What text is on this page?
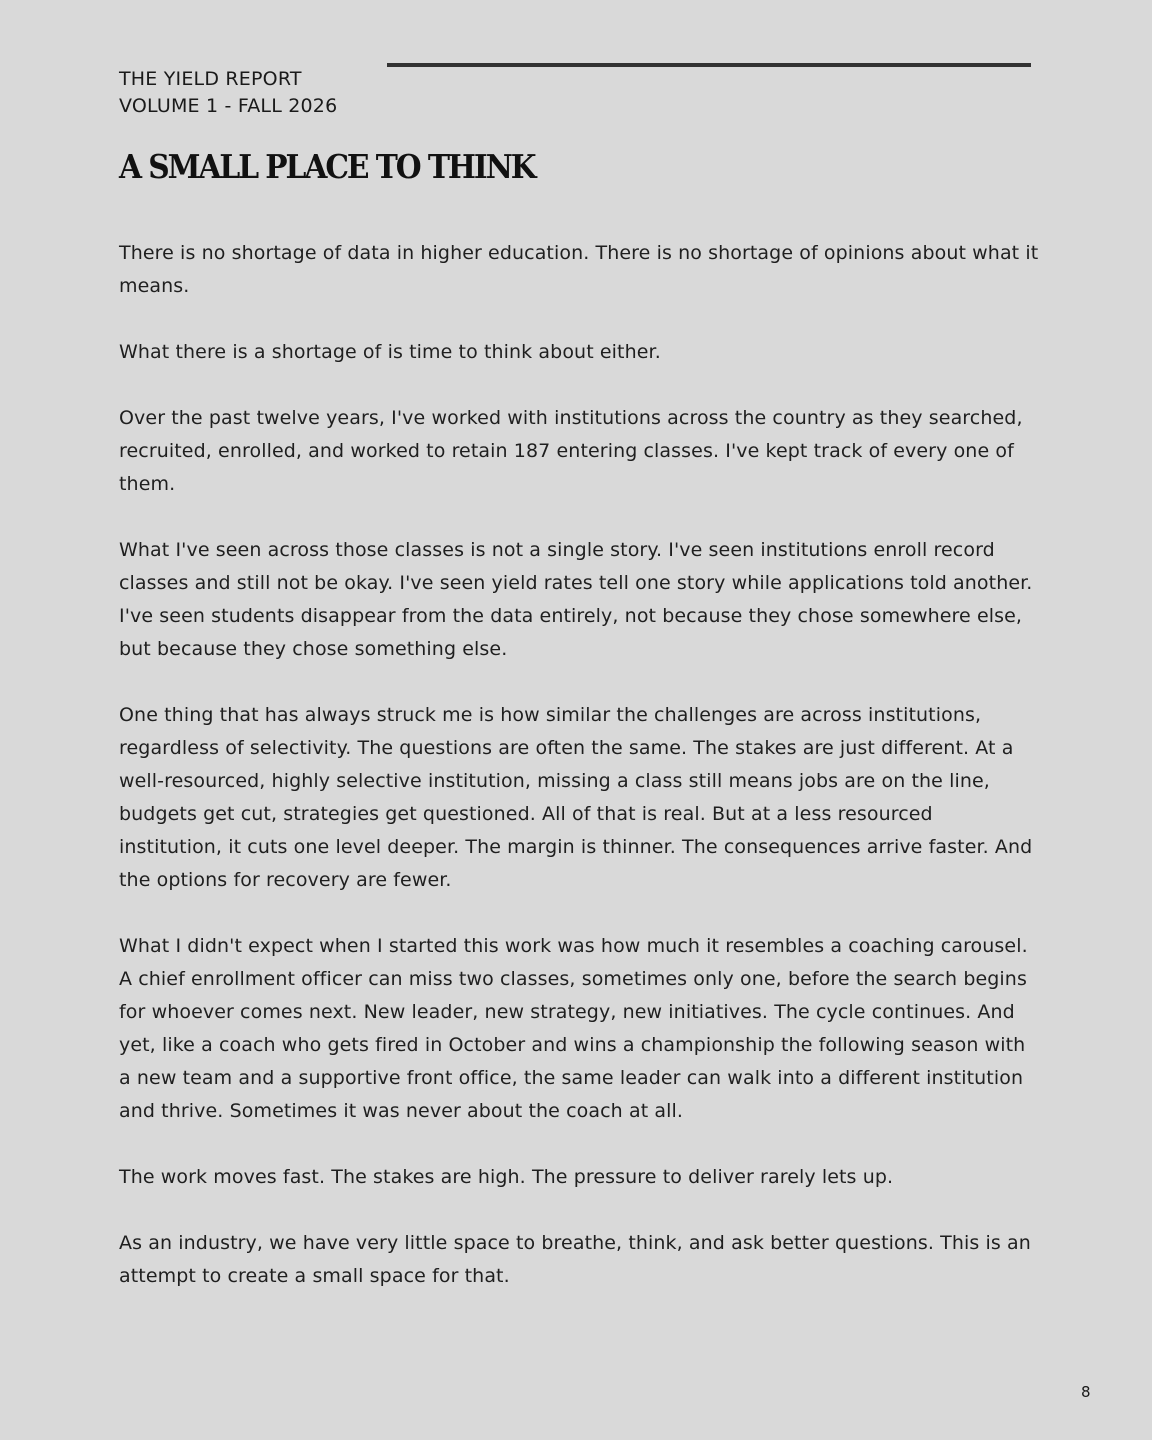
THE YIELD REPORT

VOLUME 1 - FALL 2026

A SMALL PLACE TO THINK

There is no shortage of data in higher education. There is no shortage of opinions about what it means.

What there is a shortage of is time to think about either.

Over the past twelve years, I've worked with institutions across the country as they searched, recruited, enrolled, and worked to retain 187 entering classes. I've kept track of every one of them.

What I've seen across those classes is not a single story. I've seen institutions enroll record classes and still not be okay. I've seen yield rates tell one story while applications told another. I've seen students disappear from the data entirely, not because they chose somewhere else, but because they chose something else.

One thing that has always struck me is how similar the challenges are across institutions, regardless of selectivity. The questions are often the same. The stakes are just different. At a well-resourced, highly selective institution, missing a class still means jobs are on the line, budgets get cut, strategies get questioned. All of that is real. But at a less resourced institution, it cuts one level deeper. The margin is thinner. The consequences arrive faster. And the options for recovery are fewer.

What I didn't expect when I started this work was how much it resembles a coaching carousel. A chief enrollment officer can miss two classes, sometimes only one, before the search begins for whoever comes next. New leader, new strategy, new initiatives. The cycle continues. And yet, like a coach who gets fired in October and wins a championship the following season with a new team and a supportive front office, the same leader can walk into a different institution and thrive. Sometimes it was never about the coach at all.

The work moves fast. The stakes are high. The pressure to deliver rarely lets up.

As an industry, we have very little space to breathe, think, and ask better questions. This is an attempt to create a small space for that.

8
